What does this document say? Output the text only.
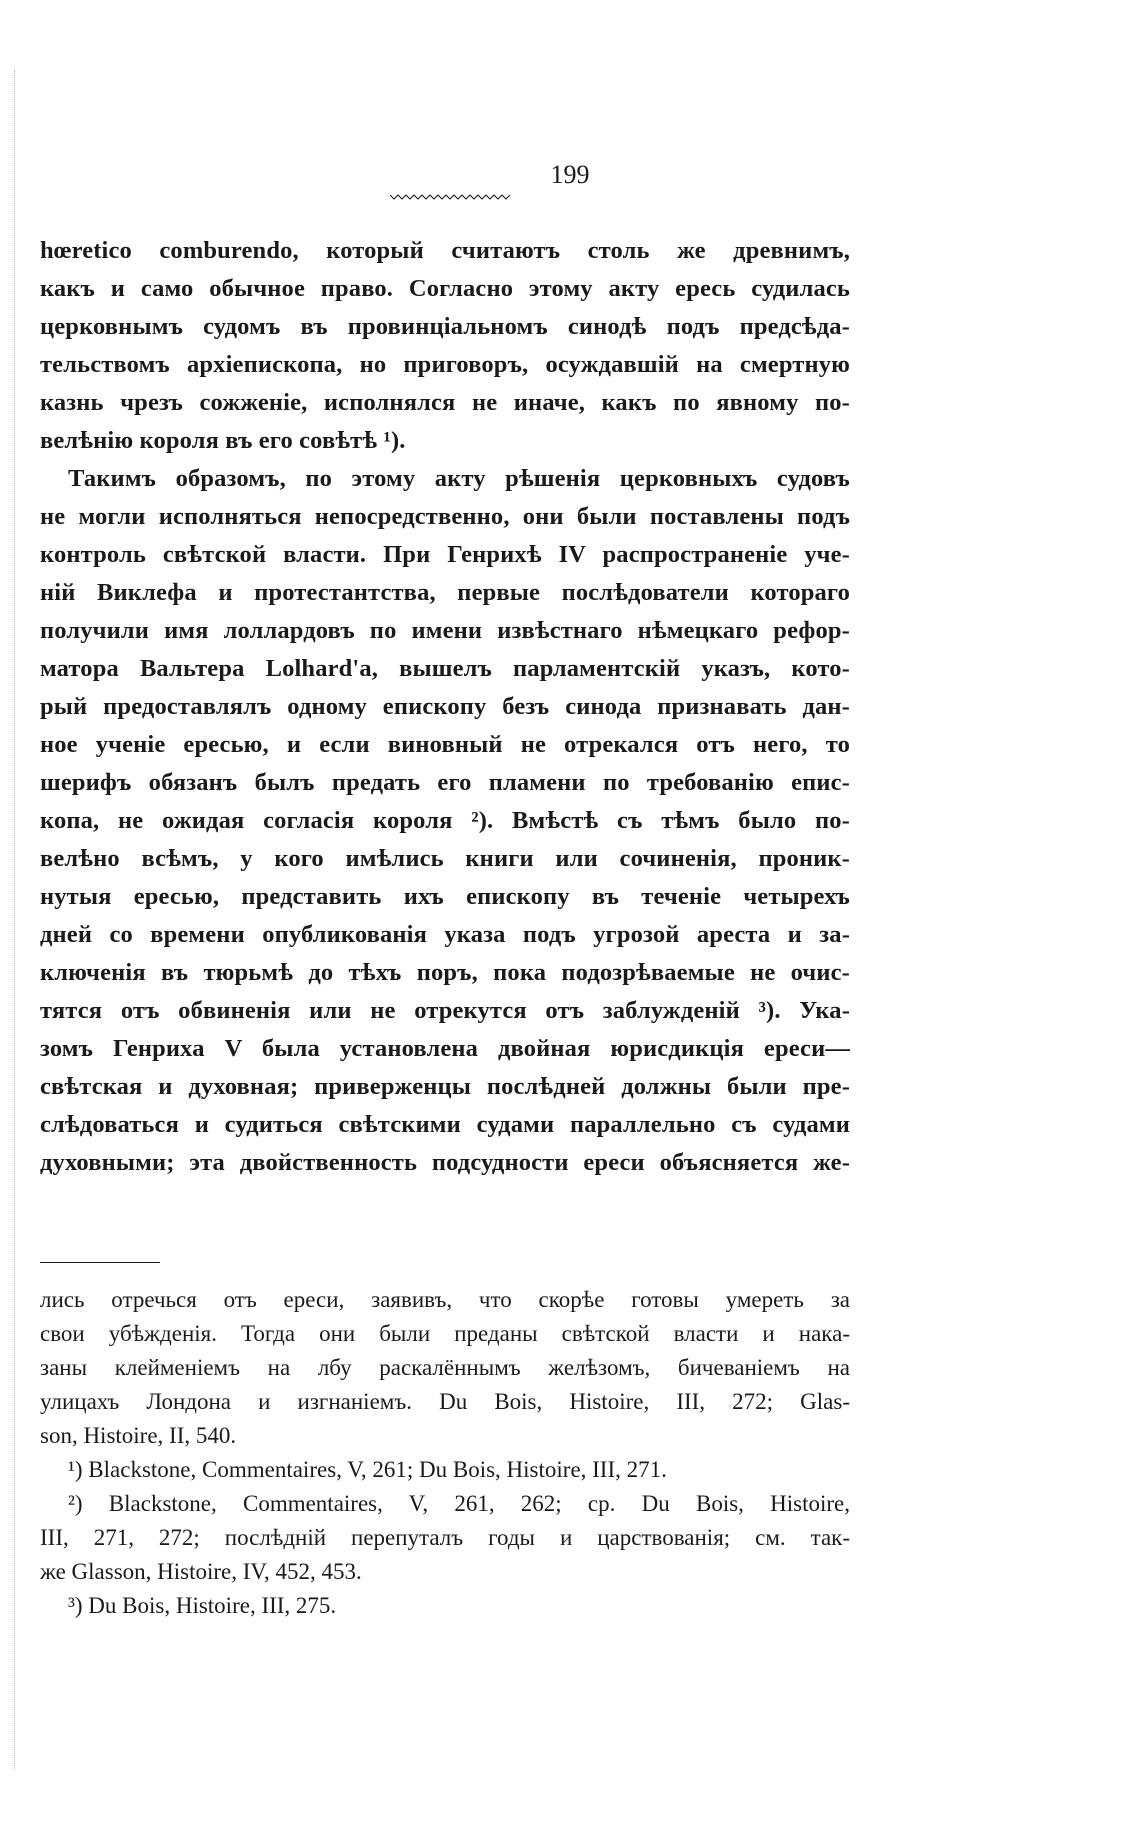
199
hœretico comburendo, который считаютъ столь же древнимъ,
какъ и само обычное право. Согласно этому акту ересь судилась
церковнымъ судомъ въ провинцiальномъ синодѣ подъ предсѣда-
тельствомъ архiепископа, но приговоръ, осуждавшiй на смертную
казнь чрезъ сожженiе, исполнялся не иначе, какъ по явному по-
велѣнiю короля въ его совѣтѣ ¹).
Такимъ образомъ, по этому акту рѣшенiя церковныхъ судовъ
не могли исполняться непосредственно, они были поставлены подъ
контроль свѣтской власти. При Генрихѣ IV распространенiе уче-
нiй Виклефа и протестантства, первые послѣдователи котораго
получили имя лоллардовъ по имени извѣстнаго нѣмецкаго рефор-
матора Вальтера Lolhard'а, вышелъ парламентскiй указъ, кото-
рый предоставлялъ одному епископу безъ синода признавать дан-
ное ученiе ересью, и если виновный не отрекался отъ него, то
шерифъ обязанъ былъ предать его пламени по требованiю епис-
копа, не ожидая согласiя короля ²). Вмѣстѣ съ тѣмъ было по-
велѣно всѣмъ, у кого имѣлись книги или сочиненiя, проник-
нутыя ересью, представить ихъ епископу въ теченiе четырехъ
дней со времени опубликованiя указа подъ угрозой ареста и за-
ключенiя въ тюрьмѣ до тѣхъ поръ, пока подозрѣваемые не очис-
тятся отъ обвиненiя или не отрекутся отъ заблужденiй ³). Ука-
зомъ Генриха V была установлена двойная юрисдикцiя ереси—
свѣтская и духовная; приверженцы послѣдней должны были пре-
слѣдоваться и судиться свѣтскими судами параллельно съ судами
духовными; эта двойственность подсудности ереси объясняется же-
лись отречься отъ ереси, заявивъ, что скорѣе готовы умереть за
свои убѣжденiя. Тогда они были преданы свѣтской власти и нака-
заны клейменiемъ на лбу раскалённымъ желѣзомъ, бичеванiемъ на
улицахъ Лондона и изгнанiемъ. Du Bois, Histoire, III, 272; Glas-
son, Histoire, II, 540.
¹) Blackstone, Commentaires, V, 261; Du Bois, Histoire, III, 271.
²) Blackstone, Commentaires, V, 261, 262; ср. Du Bois, Histoire,
III, 271, 272; послѣднiй перепуталъ годы и царствованiя; см. так-
же Glasson, Histoire, IV, 452, 453.
³) Du Bois, Histoire, III, 275.
